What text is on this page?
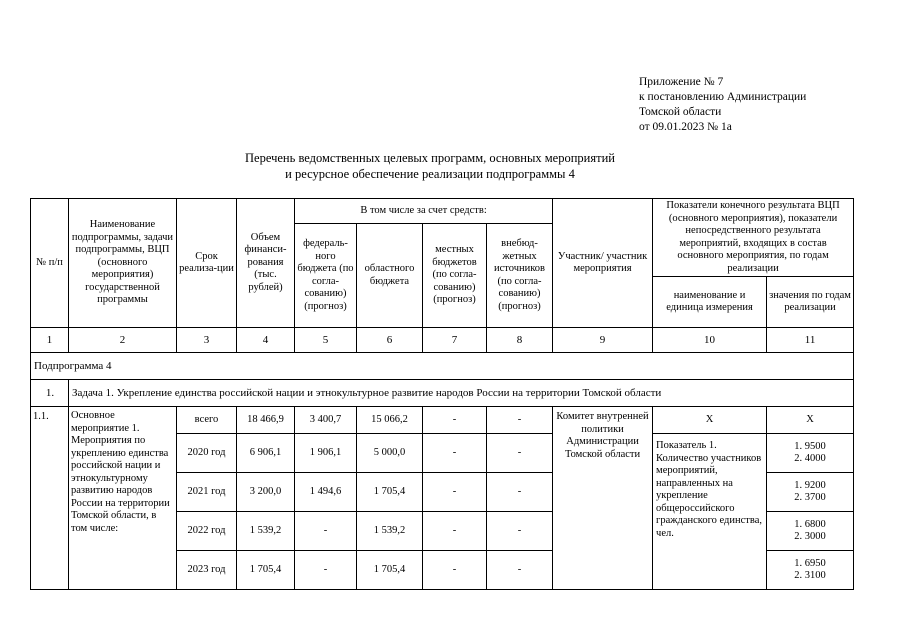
Приложение № 7
к постановлению Администрации
Томской области
от 09.01.2023 № 1а
Перечень ведомственных целевых программ, основных мероприятий
и ресурсное обеспечение реализации подпрограммы 4
№ п/п	Наименование подпрограммы, задачи подпрограммы, ВЦП (основного мероприятия) государственной программы	Срок реализа-ции	Объем финанси-рования (тыс. рублей)	В том числе за счет средств:				Участник/ участник мероприятия	Показатели конечного результата ВЦП (основного мероприятия), показатели непосредственного результата мероприятий, входящих в состав основного мероприятия, по годам реализации	
				федераль-ного бюджета (по согла-сованию) (прогноз)	областного бюджета	местных бюджетов (по согла-сованию) (прогноз)	внебюд-жетных источников (по согла-сованию) (прогноз)			
									наименование и единица измерения	значения по годам реализации
1	2	3	4	5	6	7	8	9	10	11
Подпрограмма 4										
1.	Задача 1. Укрепление единства российской нации и этнокультурное развитие народов России на территории Томской области									
1.1.	Основное мероприятие 1. Мероприятия по укреплению единства российской нации и этнокультурному развитию народов России на территории Томской области, в том числе:	всего	18 466,9	3 400,7	15 066,2	-	-	Комитет внутренней политики Администрации Томской области	X	X
		2020 год	6 906,1	1 906,1	5 000,0	-	-		Показатель 1. Количество участников мероприятий, направленных на укрепление общероссийского гражданского единства, чел.	1. 9500
2. 4000

		2021 год	3 200,0	1 494,6	1 705,4	-	-			1. 9200
2. 3700

		2022 год	1 539,2	-	1 539,2	-	-			1. 6800
2. 3000

		2023 год	1 705,4	-	1 705,4	-	-			1. 6950
2. 3100
